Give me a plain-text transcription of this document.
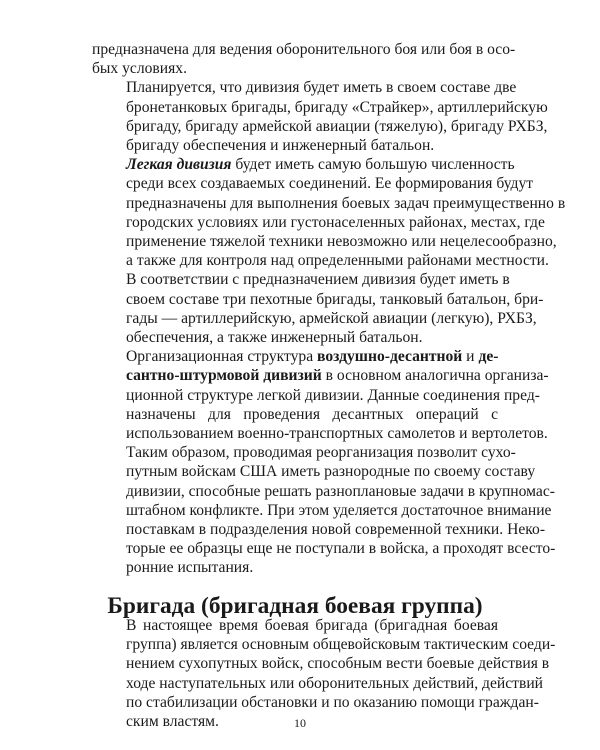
предназначена для ведения оборонительного боя или боя в осо-
бых условиях.

Планируется, что дивизия будет иметь в своем составе две
бронетанковых бригады, бригаду «Страйкер», артиллерийскую
бригаду, бригаду армейской авиации (тяжелую), бригаду РХБЗ,
бригаду обеспечения и инженерный батальон.

Легкая дивизия будет иметь самую большую численность
среди всех создаваемых соединений. Ее формирования будут
предназначены для выполнения боевых задач преимущественно в
городских условиях или густонаселенных районах, местах, где
применение тяжелой техники невозможно или нецелесообразно,
а также для контроля над определенными районами местности.

В соответствии с предназначением дивизия будет иметь в
своем составе три пехотные бригады, танковый батальон, бри-
гады — артиллерийскую, армейской авиации (легкую), РХБЗ,
обеспечения, а также инженерный батальон.

Организационная структура воздушно-десантной и де-
сантно-штурмовой дивизий в основном аналогична организа-
ционной структуре легкой дивизии. Данные соединения пред-
назначены для проведения десантных операций с
использованием военно-транспортных самолетов и вертолетов.

Таким образом, проводимая реорганизация позволит сухо-
путным войскам США иметь разнородные по своему составу
дивизии, способные решать разноплановые задачи в крупномас-
штабном конфликте. При этом уделяется достаточное внимание
поставкам в подразделения новой современной техники. Неко-
торые ее образцы еще не поступали в войска, а проходят всесто-
ронние испытания.

Бригада (бригадная боевая группа)

В настоящее время боевая бригада (бригадная боевая
группа) является основным общевойсковым тактическим соеди-
нением сухопутных войск, способным вести боевые действия в
ходе наступательных или оборонительных действий, действий
по стабилизации обстановки и по оказанию помощи граждан-
ским властям.	10
